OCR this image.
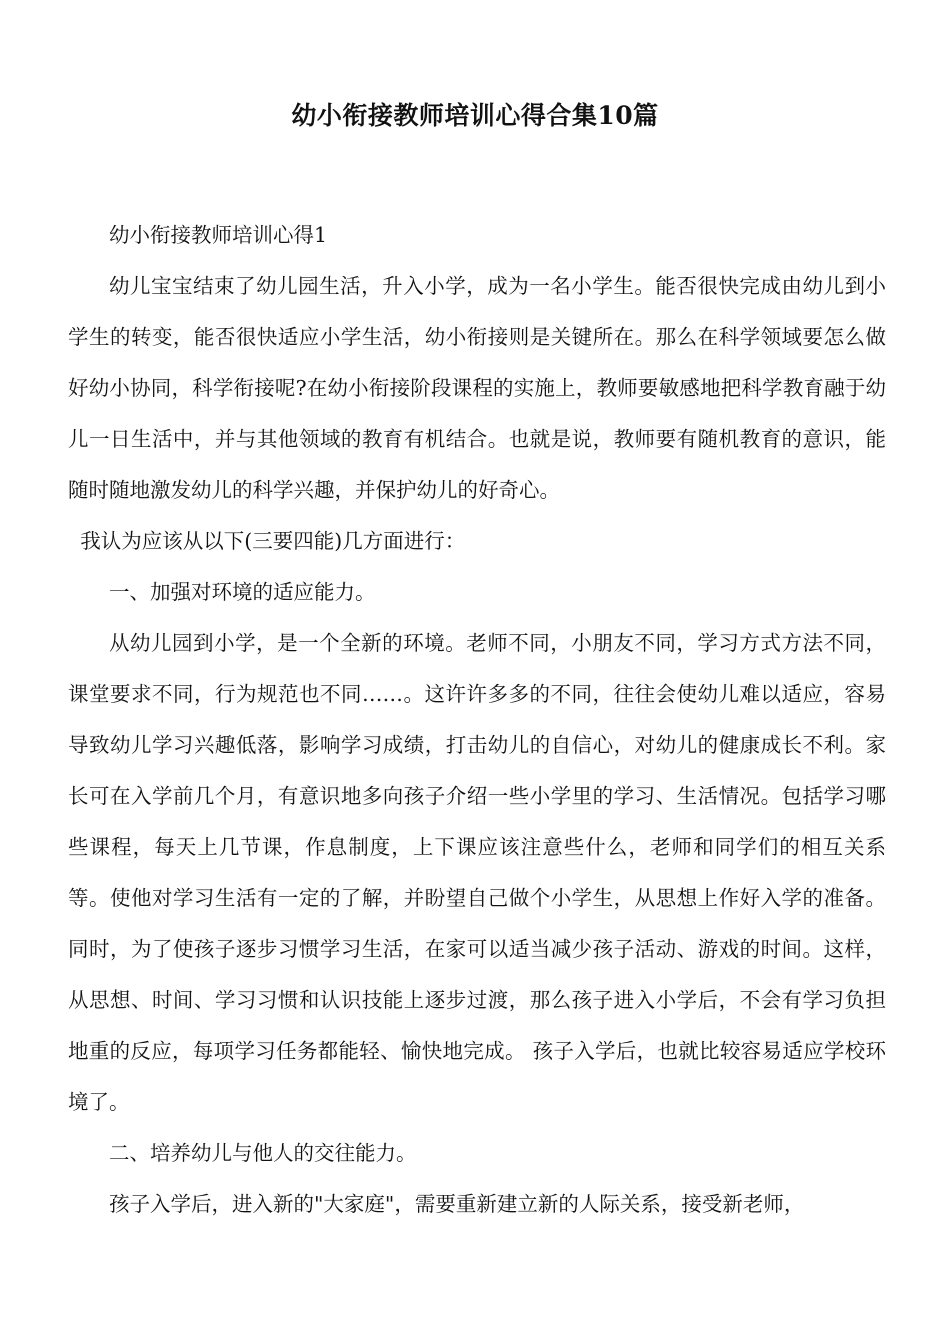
幼小衔接教师培训心得合集10篇

幼小衔接教师培训心得1

幼儿宝宝结束了幼儿园生活，升入小学，成为一名小学生。能否很快完成由幼儿到小学生的转变，能否很快适应小学生活，幼小衔接则是关键所在。那么在科学领域要怎么做好幼小协同，科学衔接呢?在幼小衔接阶段课程的实施上，教师要敏感地把科学教育融于幼儿一日生活中，并与其他领域的教育有机结合。也就是说，教师要有随机教育的意识，能随时随地激发幼儿的科学兴趣，并保护幼儿的好奇心。

我认为应该从以下(三要四能)几方面进行：

一、加强对环境的适应能力。

从幼儿园到小学，是一个全新的环境。老师不同，小朋友不同，学习方式方法不同，课堂要求不同，行为规范也不同……。这许许多多的不同，往往会使幼儿难以适应，容易导致幼儿学习兴趣低落，影响学习成绩，打击幼儿的自信心，对幼儿的健康成长不利。家长可在入学前几个月，有意识地多向孩子介绍一些小学里的学习、生活情况。包括学习哪些课程，每天上几节课，作息制度，上下课应该注意些什么，老师和同学们的相互关系等。使他对学习生活有一定的了解，并盼望自己做个小学生，从思想上作好入学的准备。同时，为了使孩子逐步习惯学习生活，在家可以适当减少孩子活动、游戏的时间。这样，从思想、时间、学习习惯和认识技能上逐步过渡，那么孩子进入小学后，不会有学习负担地重的反应，每项学习任务都能轻、愉快地完成。 孩子入学后，也就比较容易适应学校环境了。

二、培养幼儿与他人的交往能力。

孩子入学后，进入新的"大家庭"，需要重新建立新的人际关系，接受新老师，
